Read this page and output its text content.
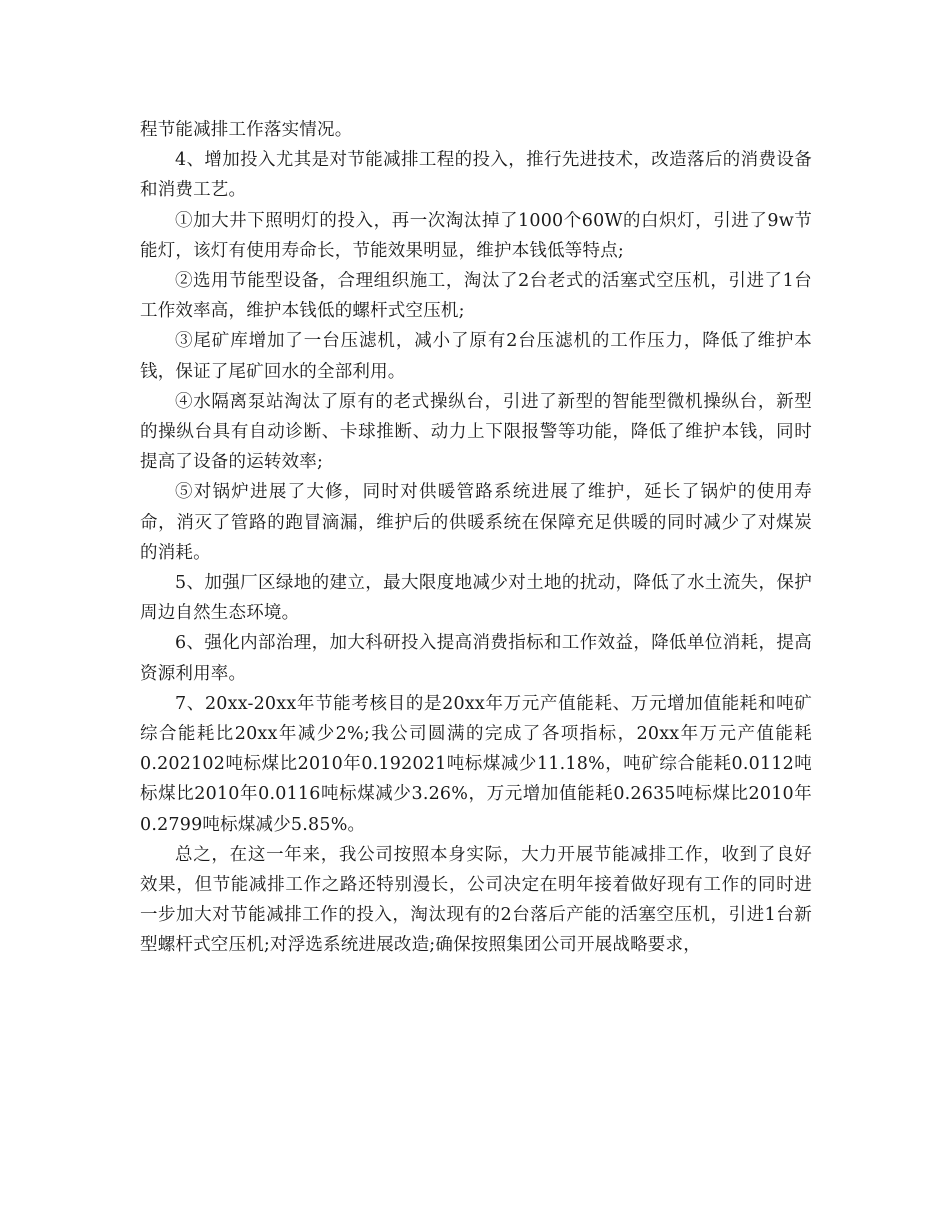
程节能减排工作落实情况。

4、增加投入尤其是对节能减排工程的投入，推行先进技术，改造落后的消费设备和消费工艺。

①加大井下照明灯的投入，再一次淘汰掉了1000个60W的白炽灯，引进了9w节能灯，该灯有使用寿命长，节能效果明显，维护本钱低等特点;

②选用节能型设备，合理组织施工，淘汰了2台老式的活塞式空压机，引进了1台工作效率高，维护本钱低的螺杆式空压机;

③尾矿库增加了一台压滤机，减小了原有2台压滤机的工作压力，降低了维护本钱，保证了尾矿回水的全部利用。

④水隔离泵站淘汰了原有的老式操纵台，引进了新型的智能型微机操纵台，新型的操纵台具有自动诊断、卡球推断、动力上下限报警等功能，降低了维护本钱，同时提高了设备的运转效率;

⑤对锅炉进展了大修，同时对供暖管路系统进展了维护，延长了锅炉的使用寿命，消灭了管路的跑冒滴漏，维护后的供暖系统在保障充足供暖的同时减少了对煤炭的消耗。

5、加强厂区绿地的建立，最大限度地减少对土地的扰动，降低了水土流失，保护周边自然生态环境。

6、强化内部治理，加大科研投入提高消费指标和工作效益，降低单位消耗，提高资源利用率。

7、20xx-20xx年节能考核目的是20xx年万元产值能耗、万元增加值能耗和吨矿综合能耗比20xx年减少2%;我公司圆满的完成了各项指标，20xx年万元产值能耗0.202102吨标煤比2010年0.192021吨标煤减少11.18%，吨矿综合能耗0.0112吨标煤比2010年0.0116吨标煤减少3.26%，万元增加值能耗0.2635吨标煤比2010年0.2799吨标煤减少5.85%。

总之，在这一年来，我公司按照本身实际，大力开展节能减排工作，收到了良好效果，但节能减排工作之路还特别漫长，公司决定在明年接着做好现有工作的同时进一步加大对节能减排工作的投入，淘汰现有的2台落后产能的活塞空压机，引进1台新型螺杆式空压机;对浮选系统进展改造;确保按照集团公司开展战略要求，
